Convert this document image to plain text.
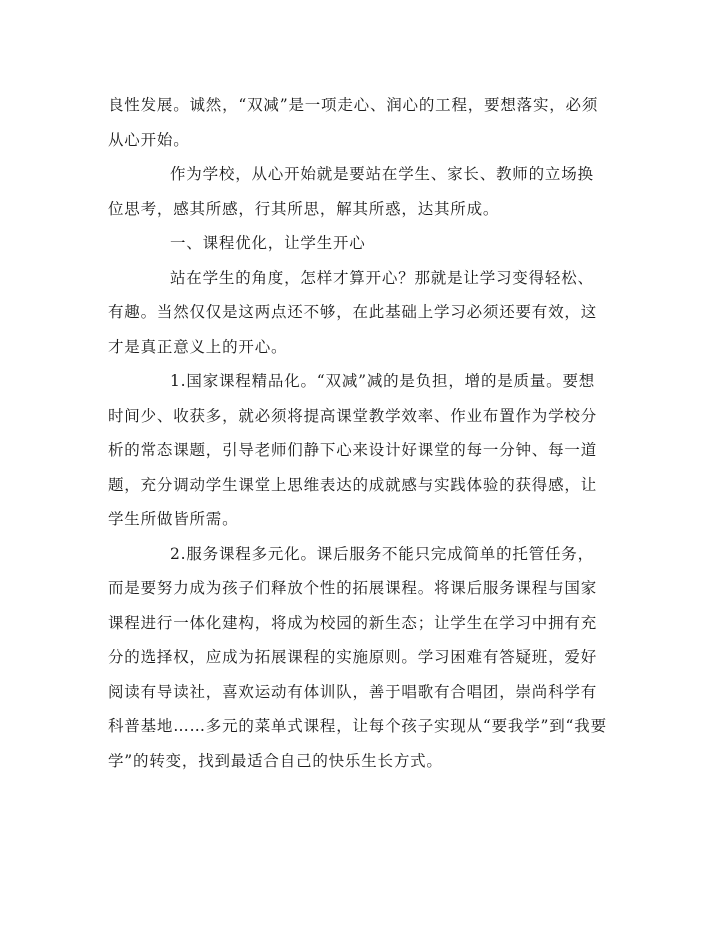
良性发展。诚然，“双减”是一项走心、润心的工程，要想落实，必须从心开始。

作为学校，从心开始就是要站在学生、家长、教师的立场换位思考，感其所感，行其所思，解其所惑，达其所成。

一、课程优化，让学生开心

站在学生的角度，怎样才算开心？那就是让学习变得轻松、有趣。当然仅仅是这两点还不够，在此基础上学习必须还要有效，这才是真正意义上的开心。

1.国家课程精品化。“双减”减的是负担，增的是质量。要想时间少、收获多，就必须将提高课堂教学效率、作业布置作为学校分析的常态课题，引导老师们静下心来设计好课堂的每一分钟、每一道题，充分调动学生课堂上思维表达的成就感与实践体验的获得感，让学生所做皆所需。

2.服务课程多元化。课后服务不能只完成简单的托管任务，而是要努力成为孩子们释放个性的拓展课程。将课后服务课程与国家课程进行一体化建构，将成为校园的新生态；让学生在学习中拥有充分的选择权，应成为拓展课程的实施原则。学习困难有答疑班，爱好阅读有导读社，喜欢运动有体训队，善于唱歌有合唱团，崇尚科学有科普基地……多元的菜单式课程，让每个孩子实现从“要我学”到“我要学”的转变，找到最适合自己的快乐生长方式。
